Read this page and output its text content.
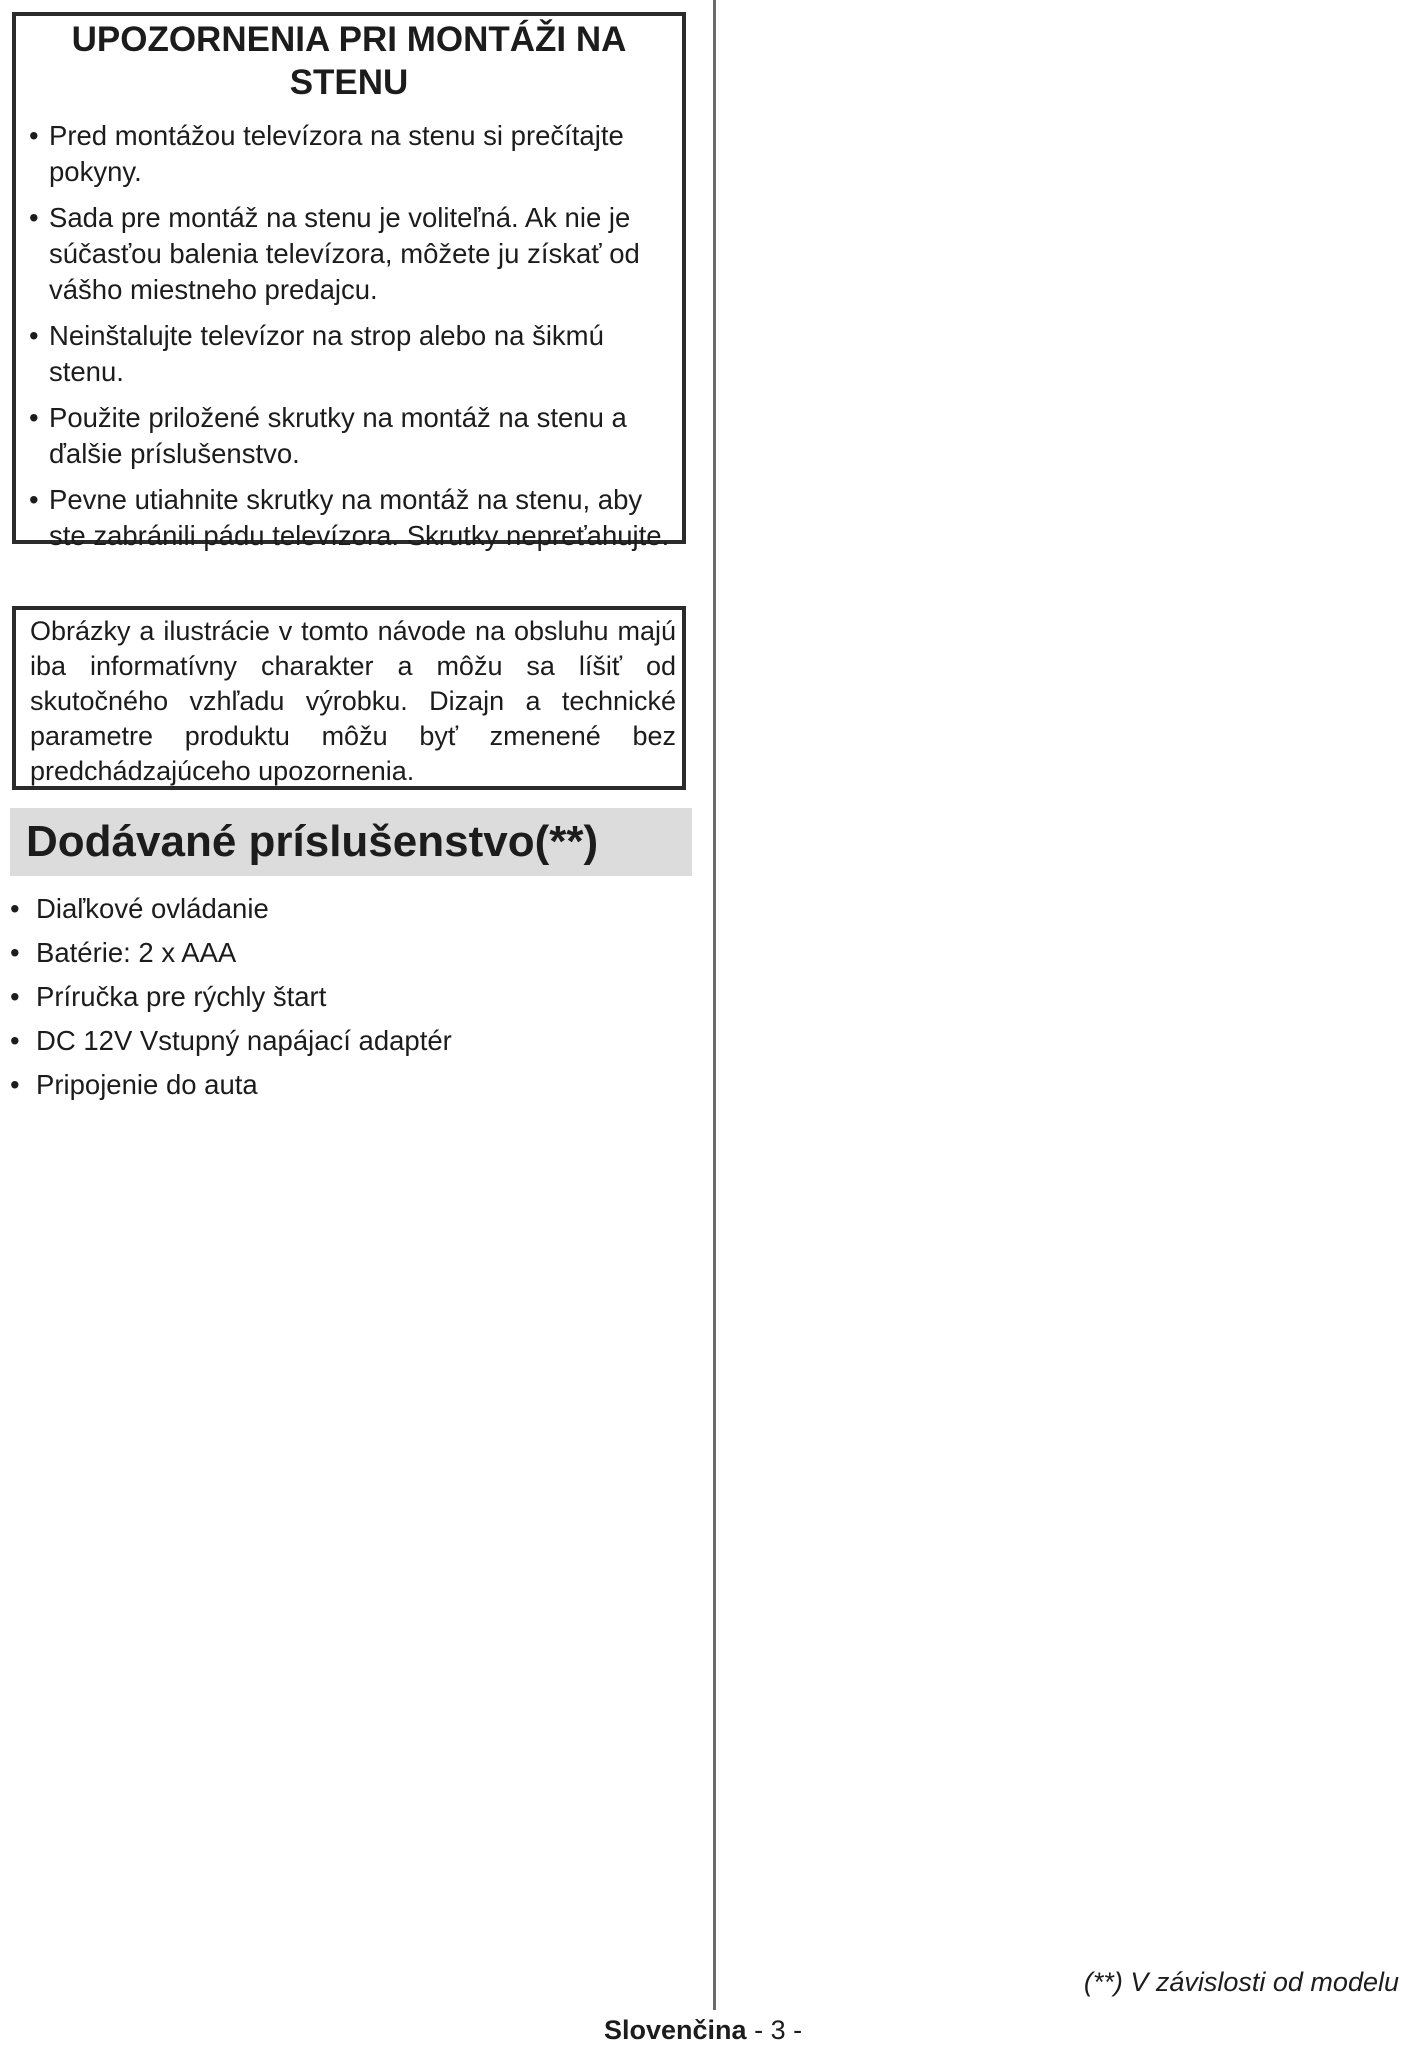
UPOZORNENIA PRI MONTÁŽI NA STENU
• Pred montážou televízora na stenu si prečítajte pokyny.
• Sada pre montáž na stenu je voliteľná. Ak nie je súčasťou balenia televízora, môžete ju získať od vášho miestneho predajcu.
• Neinštalujte televízor na strop alebo na šikmú stenu.
• Použite priložené skrutky na montáž na stenu a ďalšie príslušenstvo.
• Pevne utiahnite skrutky na montáž na stenu, aby ste zabránili pádu televízora. Skrutky nepreťahujte.
Obrázky a ilustrácie v tomto návode na obsluhu majú iba informatívny charakter a môžu sa líšiť od skutočného vzhľadu výrobku. Dizajn a technické parametre produktu môžu byť zmenené bez predchádzajúceho upozornenia.
Dodávané príslušenstvo(**)
• Diaľkové ovládanie
• Batérie: 2 x AAA
• Príručka pre rýchly štart
• DC 12V Vstupný napájací adaptér
• Pripojenie do auta
(**) V závislosti od modelu
Slovenčina - 3 -
